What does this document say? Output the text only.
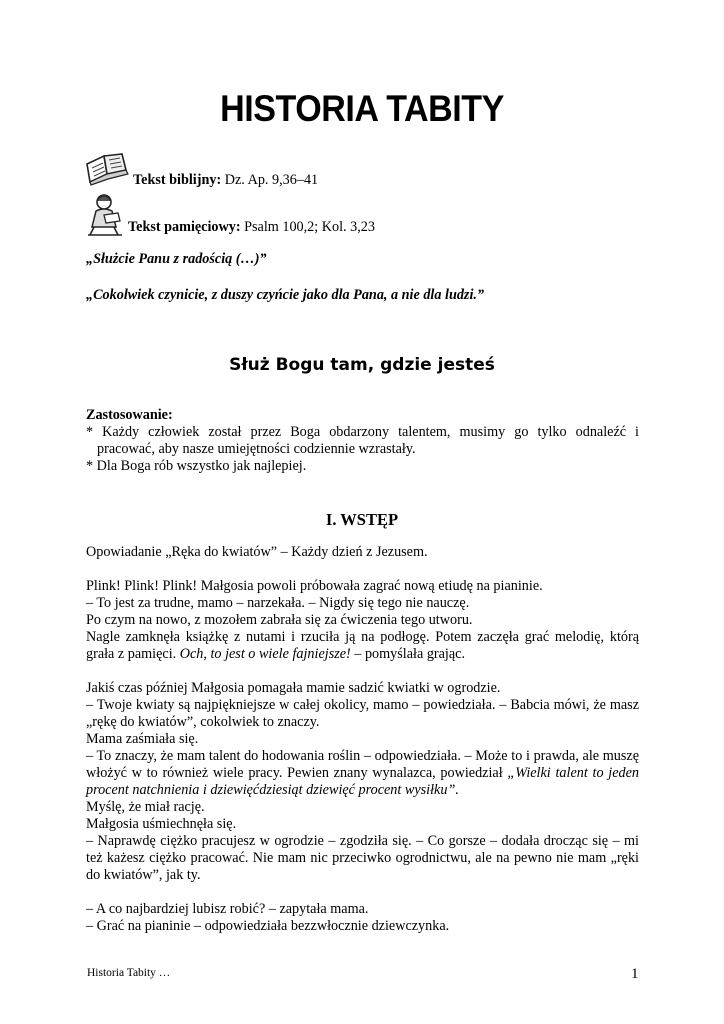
HISTORIA TABITY
Tekst biblijny: Dz. Ap. 9,36–41
Tekst pamięciowy: Psalm 100,2; Kol. 3,23
„Służcie Panu z radością (…)”
„Cokolwiek czynicie, z duszy czyńcie jako dla Pana, a nie dla ludzi.”
Służ Bogu tam, gdzie jesteś
Zastosowanie:
* Każdy człowiek został przez Boga obdarzony talentem, musimy go tylko odnaleźć i
pracować, aby nasze umiejętności codziennie wzrastały.
* Dla Boga rób wszystko jak najlepiej.
I. WSTĘP

Opowiadanie „Ręka do kwiatów” – Każdy dzień z Jezusem.

Plink! Plink! Plink! Małgosia powoli próbowała zagrać nową etiudę na pianinie.

– To jest za trudne, mamo – narzekała. – Nigdy się tego nie nauczę.

Po czym na nowo, z mozołem zabrała się za ćwiczenia tego utworu.

Nagle zamknęła książkę z nutami i rzuciła ją na podłogę. Potem zaczęła grać melodię, którą grała z pamięci. Och, to jest o wiele fajniejsze! – pomyślała grając.

Jakiś czas później Małgosia pomagała mamie sadzić kwiatki w ogrodzie.

– Twoje kwiaty są najpiękniejsze w całej okolicy, mamo – powiedziała. – Babcia mówi, że masz „rękę do kwiatów”, cokolwiek to znaczy.

Mama zaśmiała się.

– To znaczy, że mam talent do hodowania roślin – odpowiedziała. – Może to i prawda, ale muszę włożyć w to również wiele pracy. Pewien znany wynalazca, powiedział „Wielki talent to jeden procent natchnienia i dziewięćdziesiąt dziewięć procent wysiłku”.

Myślę, że miał rację.

Małgosia uśmiechnęła się.

– Naprawdę ciężko pracujesz w ogrodzie – zgodziła się. – Co gorsze – dodała drocząc się – mi też każesz ciężko pracować. Nie mam nic przeciwko ogrodnictwu, ale na pewno nie mam „ręki do kwiatów”, jak ty.

– A co najbardziej lubisz robić? – zapytała mama.

– Grać na pianinie – odpowiedziała bezzwłocznie dziewczynka.

Historia Tabity …	1
